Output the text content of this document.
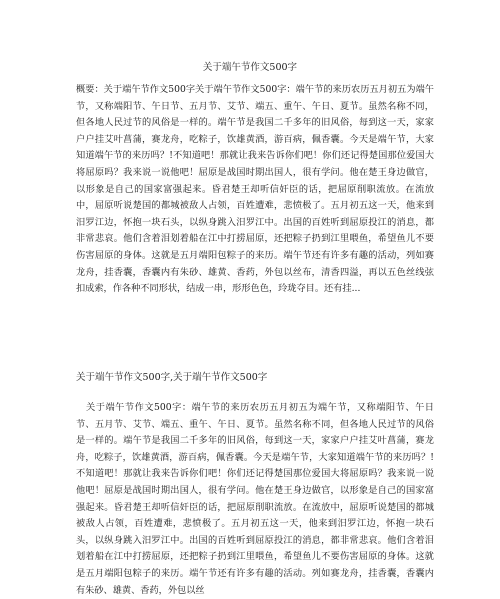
关于端午节作文500字
概要：关于端午节作文500字关于端午节作文500字：端午节的来历农历五月初五为端午节，又称端阳节、午日节、五月节、艾节、端五、重午、午日、夏节。虽然名称不同，但各地人民过节的风俗是一样的。端午节是我国二千多年的旧风俗，每到这一天，家家户户挂艾叶菖蒲，赛龙舟，吃粽子，饮雄黄酒，游百病，佩香囊。今天是端午节，大家知道端午节的来历吗？!不知道吧！那就让我来告诉你们吧！你们还记得楚国那位爱国大将屈原吗？我来说一说他吧！屈原是战国时期出国人，很有学问。他在楚王身边做官，以形象是自己的国家富强起来。昏君楚王却听信奸臣的话，把屈原削职流放。在流放中，屈原听说楚国的都城被敌人占领，百姓遭难，悲愤极了。五月初五这一天，他来到汨罗江边，怀抱一块石头，以纵身跳入汨罗江中。出国的百姓听到屈原投江的消息，都非常悲哀。他们含着泪划着船在江中打捞屈原，还把粽子扔到江里喂鱼，希望鱼儿不要伤害屈原的身体。这就是五月端阳包粽子的来历。端午节还有许多有趣的活动，列如赛龙舟，挂香囊，香囊内有朱砂、雄黄、香药，外包以丝布，清香四溢，再以五色丝线弦扣成索，作各种不同形状，结成一串，形形色色，玲珑夺目。还有挂...
关于端午节作文500字,关于端午节作文500字
关于端午节作文500字：端午节的来历农历五月初五为端午节，又称端阳节、午日节、五月节、艾节、端五、重午、午日、夏节。虽然名称不同，但各地人民过节的风俗是一样的。端午节是我国二千多年的旧风俗，每到这一天，家家户户挂艾叶菖蒲，赛龙舟，吃粽子，饮雄黄酒，游百病，佩香囊。今天是端午节，大家知道端午节的来历吗？!不知道吧！那就让我来告诉你们吧！你们还记得楚国那位爱国大将屈原吗？我来说一说他吧！屈原是战国时期出国人，很有学问。他在楚王身边做官，以形象是自己的国家富强起来。昏君楚王却听信奸臣的话，把屈原削职流放。在流放中，屈原听说楚国的都城被敌人占领，百姓遭难，悲愤极了。五月初五这一天，他来到汨罗江边，怀抱一块石头，以纵身跳入汨罗江中。出国的百姓听到屈原投江的消息，都非常悲哀。他们含着泪划着船在江中打捞屈原，还把粽子扔到江里喂鱼，希望鱼儿不要伤害屈原的身体。这就是五月端阳包粽子的来历。端午节还有许多有趣的活动。列如赛龙舟，挂香囊，香囊内有朱砂、雄黄、香药，外包以丝
